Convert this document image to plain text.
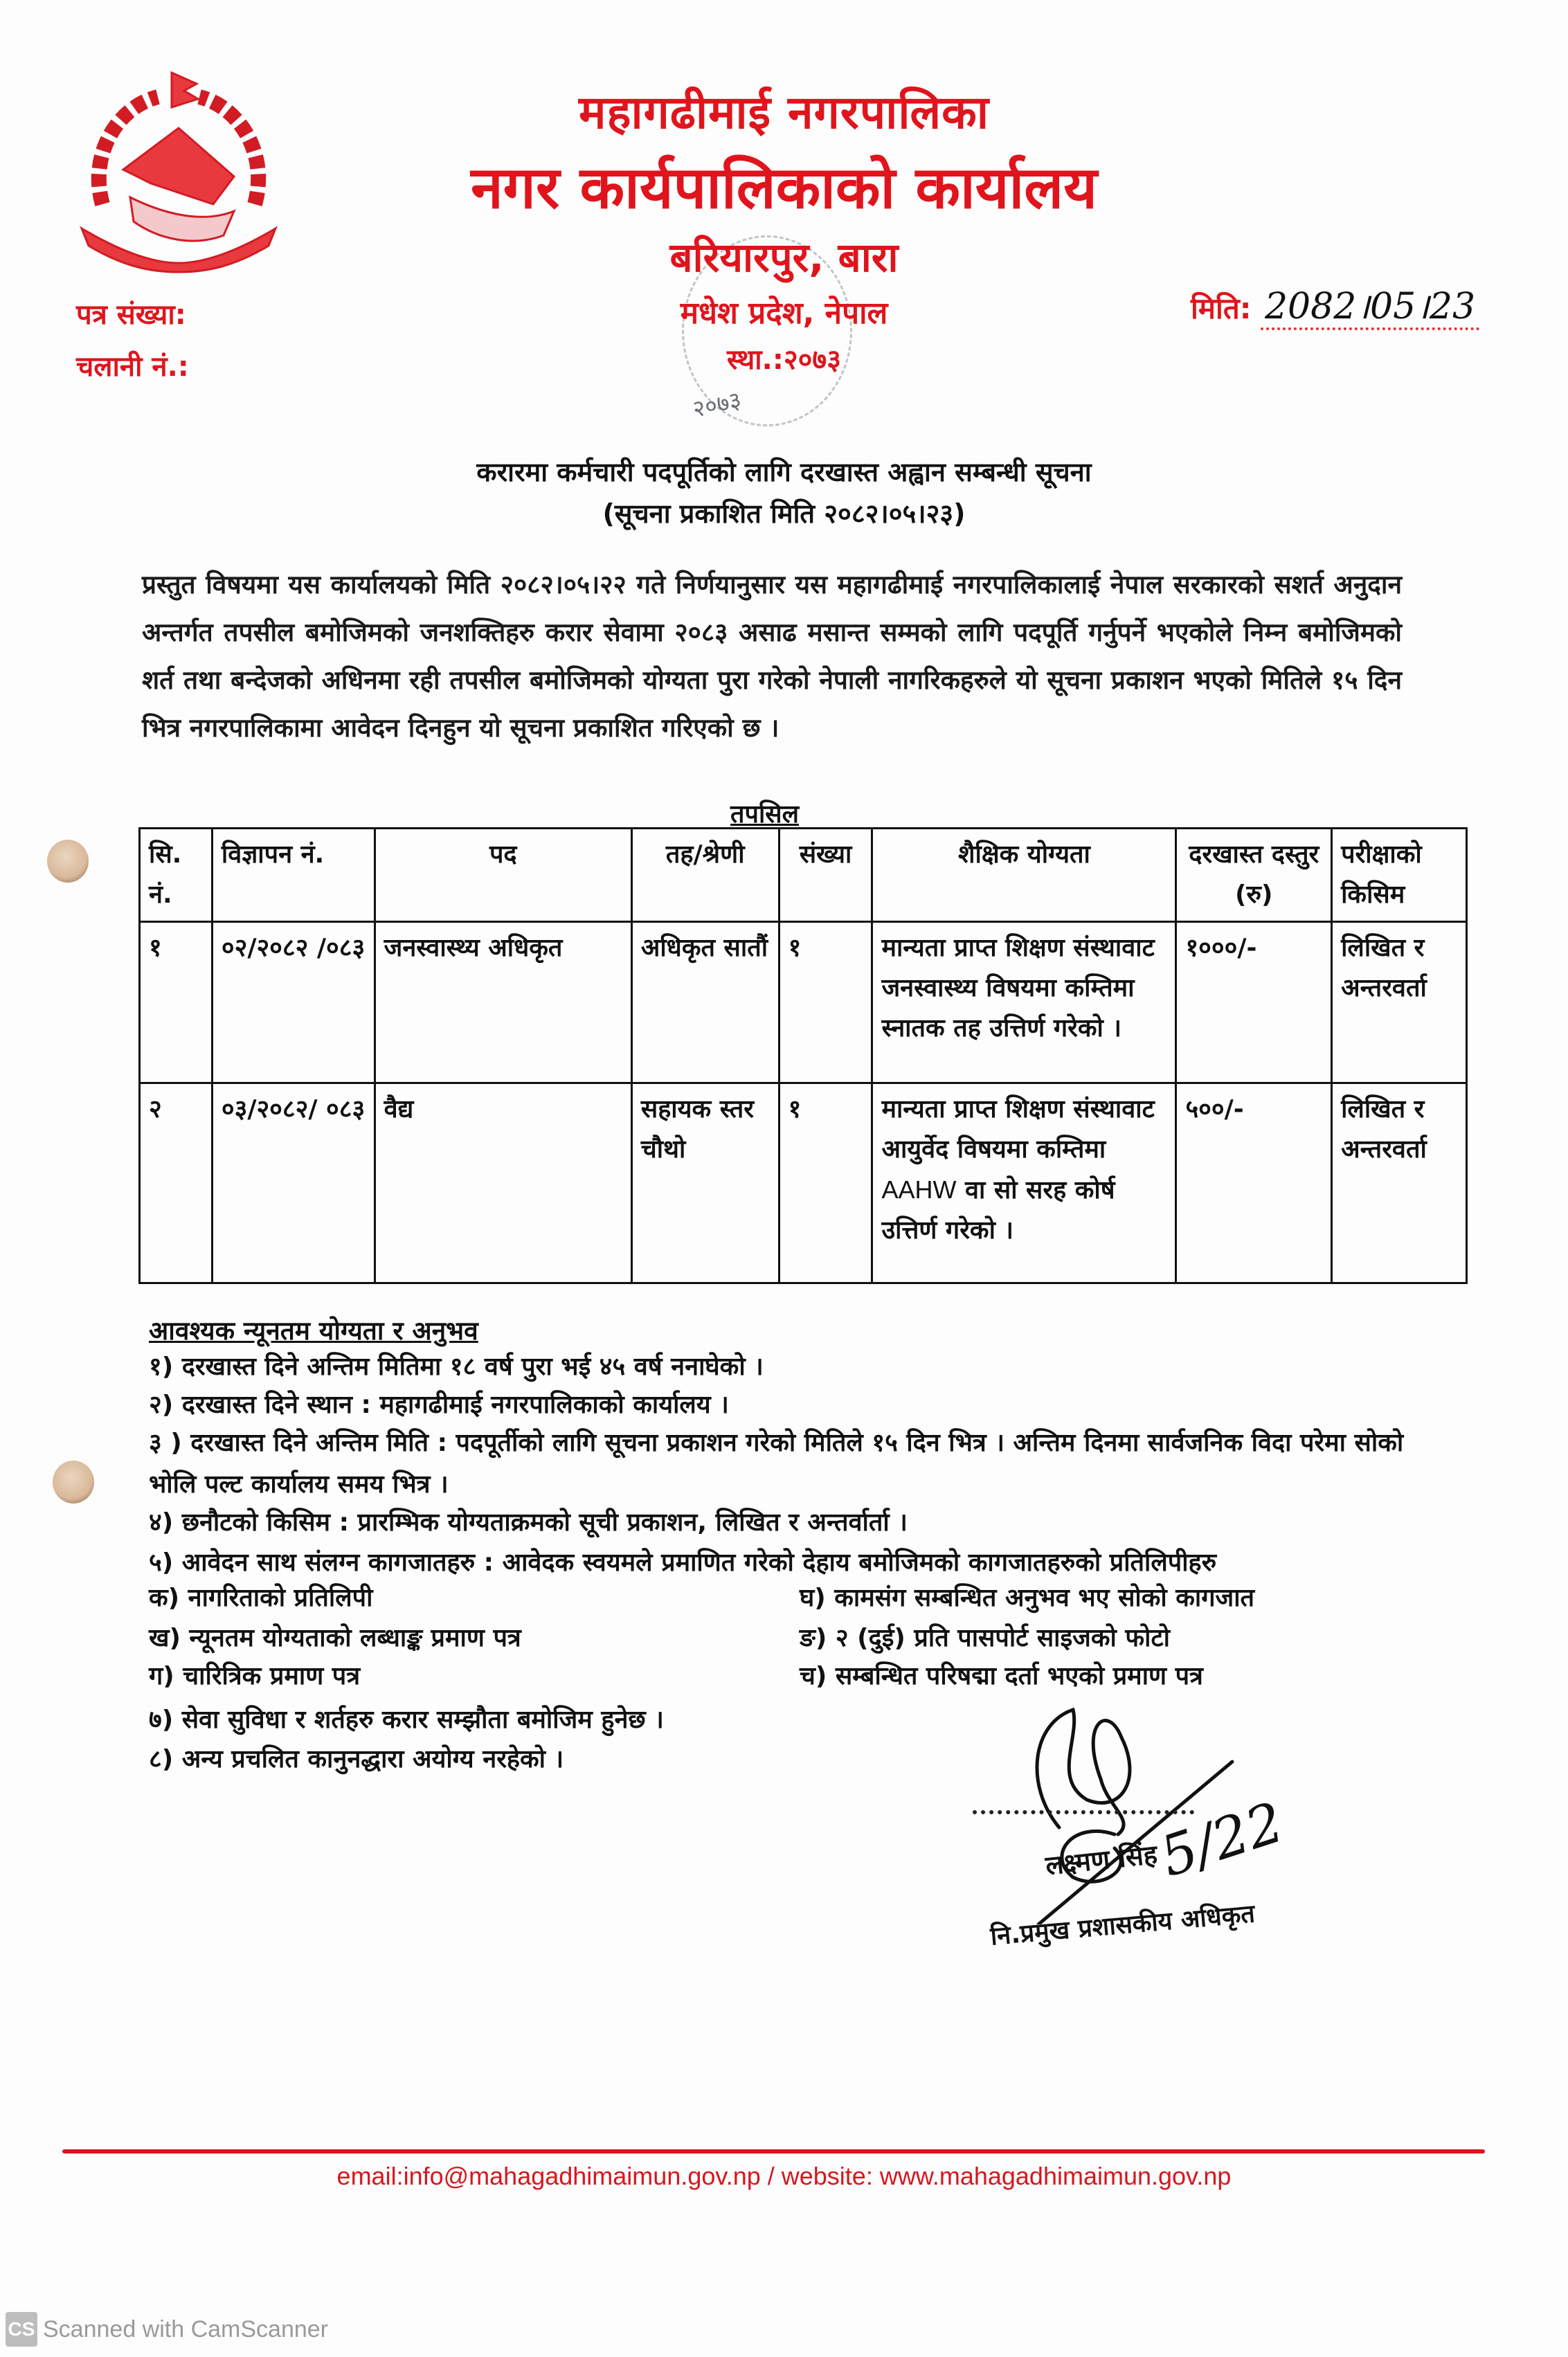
महागढीमाई नगरपालिका
नगर कार्यपालिकाको कार्यालय
बरियारपुर, बारा
मधेश प्रदेश, नेपाल
स्था.:२०७३
२०७३
पत्र संख्या:
चलानी नं.:
मिति: 2082।05।23
करारमा कर्मचारी पदपूर्तिको लागि दरखास्त अह्वान सम्बन्धी सूचना
(सूचना प्रकाशित मिति २०८२।०५।२३)
प्रस्तुत विषयमा यस कार्यालयको मिति २०८२।०५।२२ गते निर्णयानुसार यस महागढीमाई नगरपालिकालाई नेपाल सरकारको सशर्त अनुदान अन्तर्गत तपसील बमोजिमको जनशक्तिहरु करार सेवामा २०८३ असाढ मसान्त सम्मको लागि पदपूर्ति गर्नुपर्ने भएकोले निम्न बमोजिमको शर्त तथा बन्देजको अधिनमा रही तपसील बमोजिमको योग्यता पुरा गरेको नेपाली नागरिकहरुले यो सूचना प्रकाशन भएको मितिले १५ दिन भित्र नगरपालिकामा आवेदन दिनहुन यो सूचना प्रकाशित गरिएको छ ।
तपसिल
सि. नं.	विज्ञापन नं.	पद	तह/श्रेणी	संख्या	शैक्षिक योग्यता	दरखास्त दस्तुर (रु)	परीक्षाको किसिम
१	०२/२०८२ /०८३	जनस्वास्थ्य अधिकृत	अधिकृत सातौं	१	मान्यता प्राप्त शिक्षण संस्थावाट जनस्वास्थ्य विषयमा कम्तिमा स्नातक तह उत्तिर्ण गरेको ।	१०००/-	लिखित र अन्तरवर्ता
२	०३/२०८२/ ०८३	वैद्य	सहायक स्तर चौथो	१	मान्यता प्राप्त शिक्षण संस्थावाट आयुर्वेद विषयमा कम्तिमा AAHW वा सो सरह कोर्ष उत्तिर्ण गरेको ।	५००/-	लिखित र अन्तरवर्ता
आवश्यक न्यूनतम योग्यता र अनुभव
१) दरखास्त दिने अन्तिम मितिमा १८ वर्ष पुरा भई ४५ वर्ष ननाघेको ।
२) दरखास्त दिने स्थान : महागढीमाई नगरपालिकाको कार्यालय ।
३ ) दरखास्त दिने अन्तिम मिति : पदपूर्तीको लागि सूचना प्रकाशन गरेको मितिले १५ दिन भित्र । अन्तिम दिनमा सार्वजनिक विदा परेमा सोको भोलि पल्ट कार्यालय समय भित्र ।
४) छनौटको किसिम : प्रारम्भिक योग्यताक्रमको सूची प्रकाशन, लिखित र अन्तर्वार्ता ।
५) आवेदन साथ संलग्न कागजातहरु : आवेदक स्वयमले प्रमाणित गरेको देहाय बमोजिमको कागजातहरुको प्रतिलिपीहरु
क) नागरिताको प्रतिलिपी
ख) न्यूनतम योग्यताको लब्धाङ्क प्रमाण पत्र
ग) चारित्रिक प्रमाण पत्र
घ) कामसंग सम्बन्धित अनुभव भए सोको कागजात
ङ) २ (दुई) प्रति पासपोर्ट साइजको फोटो
च) सम्बन्धित परिषद्मा दर्ता भएको प्रमाण पत्र
७) सेवा सुविधा र शर्तहरु करार सम्झौता बमोजिम हुनेछ ।
८) अन्य प्रचलित कानुनद्धारा अयोग्य नरहेको ।
5/22
लक्ष्मण सिंह
नि.प्रमुख प्रशासकीय अधिकृत
email:info@mahagadhimaimun.gov.np / website: www.mahagadhimaimun.gov.np
CS Scanned with CamScanner
